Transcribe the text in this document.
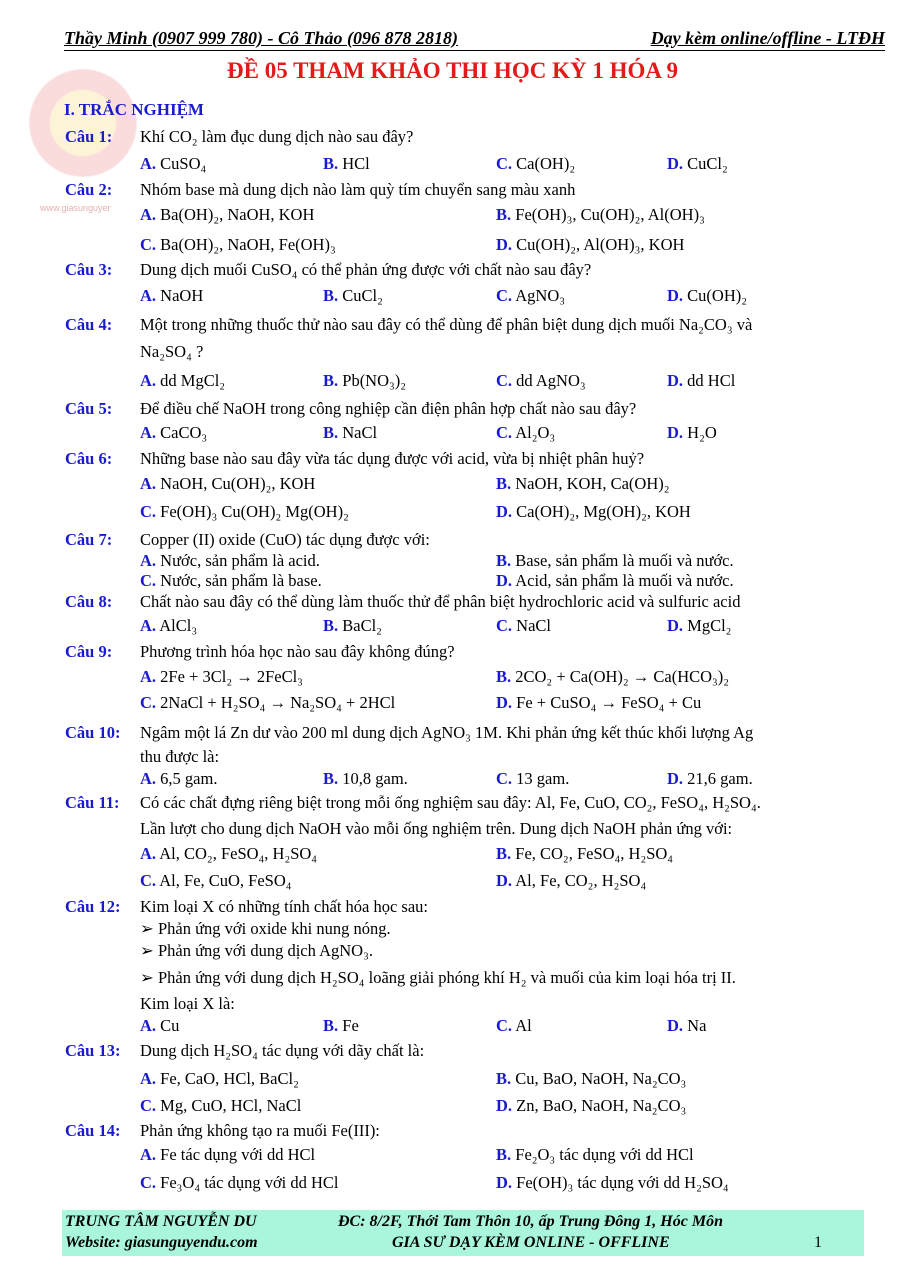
www.giasunguyer
Thầy Minh (0907 999 780) - Cô Thảo (096 878 2818)	Dạy kèm online/offline - LTĐH
ĐỀ 05 THAM KHẢO THI HỌC KỲ 1 HÓA 9
I. TRẮC NGHIỆM
Câu 1: Khí CO₂ làm đục dung dịch nào sau đây?
A. CuSO₄	B. HCl	C. Ca(OH)₂	D. CuCl₂
Câu 2: Nhóm base mà dung dịch nào làm quỳ tím chuyển sang màu xanh
A. Ba(OH)₂, NaOH, KOH	B. Fe(OH)₃, Cu(OH)₂, Al(OH)₃
C. Ba(OH)₂, NaOH, Fe(OH)₃	D. Cu(OH)₂, Al(OH)₃, KOH
Câu 3: Dung dịch muối CuSO₄ có thể phản ứng được với chất nào sau đây?
A. NaOH	B. CuCl₂	C. AgNO₃	D. Cu(OH)₂
Câu 4: Một trong những thuốc thử nào sau đây có thể dùng để phân biệt dung dịch muối Na₂CO₃ và
Na₂SO₄ ?
A. dd MgCl₂	B. Pb(NO₃)₂	C. dd AgNO₃	D. dd HCl
Câu 5: Để điều chế NaOH trong công nghiệp cần điện phân hợp chất nào sau đây?
A. CaCO₃	B. NaCl	C. Al₂O₃	D. H₂O
Câu 6: Những base nào sau đây vừa tác dụng được với acid, vừa bị nhiệt phân huỷ?
A. NaOH, Cu(OH)₂, KOH	B. NaOH, KOH, Ca(OH)₂
C. Fe(OH)₃ Cu(OH)₂ Mg(OH)₂	D. Ca(OH)₂, Mg(OH)₂, KOH
Câu 7: Copper (II) oxide (CuO) tác dụng được với:
A. Nước, sản phẩm là acid.	B. Base, sản phẩm là muối và nước.
C. Nước, sản phẩm là base.	D. Acid, sản phẩm là muối và nước.
Câu 8: Chất nào sau đây có thể dùng làm thuốc thử để phân biệt hydrochloric acid và sulfuric acid
A. AlCl₃	B. BaCl₂	C. NaCl	D. MgCl₂
Câu 9: Phương trình hóa học nào sau đây không đúng?
A. 2Fe + 3Cl₂ → 2FeCl₃	B. 2CO₂ + Ca(OH)₂ → Ca(HCO₃)₂
C. 2NaCl + H₂SO₄ → Na₂SO₄ + 2HCl	D. Fe + CuSO₄ → FeSO₄ + Cu
Câu 10: Ngâm một lá Zn dư vào 200 ml dung dịch AgNO₃ 1M. Khi phản ứng kết thúc khối lượng Ag
thu được là:
A. 6,5 gam.	B. 10,8 gam.	C. 13 gam.	D. 21,6 gam.
Câu 11: Có các chất đựng riêng biệt trong mỗi ống nghiệm sau đây: Al, Fe, CuO, CO₂, FeSO₄, H₂SO₄.
Lần lượt cho dung dịch NaOH vào mỗi ống nghiệm trên. Dung dịch NaOH phản ứng với:
A. Al, CO₂, FeSO₄, H₂SO₄	B. Fe, CO₂, FeSO₄, H₂SO₄
C. Al, Fe, CuO, FeSO₄	D. Al, Fe, CO₂, H₂SO₄
Câu 12: Kim loại X có những tính chất hóa học sau:
➢ Phản ứng với oxide khi nung nóng.
➢ Phản ứng với dung dịch AgNO₃.
➢ Phản ứng với dung dịch H₂SO₄ loãng giải phóng khí H₂ và muối của kim loại hóa trị II.
Kim loại X là:
A. Cu	B. Fe	C. Al	D. Na
Câu 13: Dung dịch H₂SO₄ tác dụng với dãy chất là:
A. Fe, CaO, HCl, BaCl₂	B. Cu, BaO, NaOH, Na₂CO₃
C. Mg, CuO, HCl, NaCl	D. Zn, BaO, NaOH, Na₂CO₃
Câu 14: Phản ứng không tạo ra muối Fe(III):
A. Fe tác dụng với dd HCl	B. Fe₂O₃ tác dụng với dd HCl
C. Fe₃O₄ tác dụng với dd HCl	D. Fe(OH)₃ tác dụng với dd H₂SO₄
TRUNG TÂM NGUYỄN DU	ĐC: 8/2F, Thới Tam Thôn 10, ấp Trung Đông 1, Hóc Môn
Website: giasunguyendu.com	GIA SƯ DẠY KÈM ONLINE - OFFLINE	1
